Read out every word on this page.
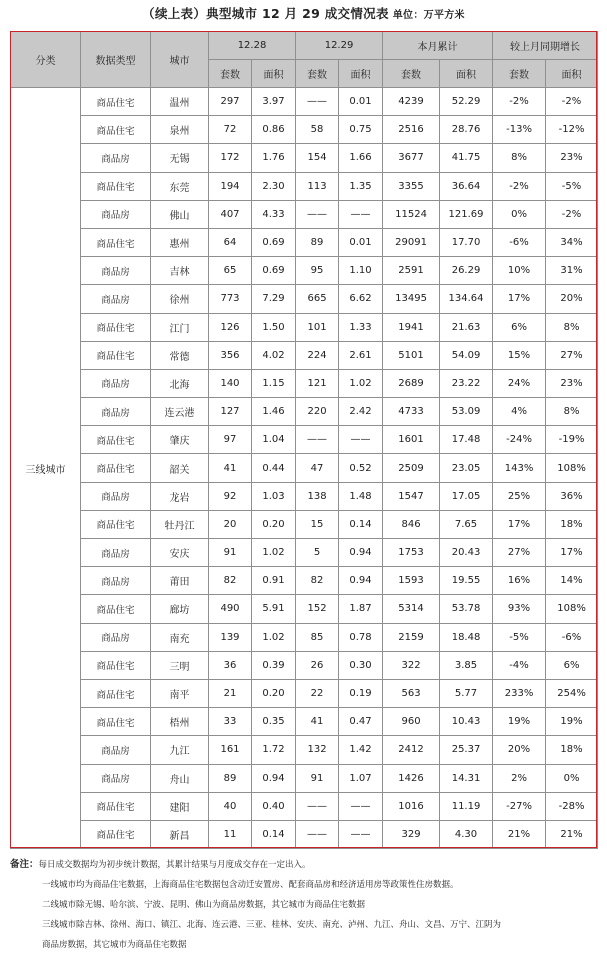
（续上表）典型城市 12 月 29 成交情况表 单位：万平方米
分类	数据类型	城市	12.28		12.29		本月累计		较上月同期增长	
			套数	面积	套数	面积	套数	面积	套数	面积
三线城市	商品住宅	温州	297	3.97	——	0.01	4239	52.29	-2%	-2%
	商品住宅	泉州	72	0.86	58	0.75	2516	28.76	-13%	-12%
	商品房	无锡	172	1.76	154	1.66	3677	41.75	8%	23%
	商品住宅	东莞	194	2.30	113	1.35	3355	36.64	-2%	-5%
	商品房	佛山	407	4.33	——	——	11524	121.69	0%	-2%
	商品住宅	惠州	64	0.69	89	0.01	29091	17.70	-6%	34%
	商品房	吉林	65	0.69	95	1.10	2591	26.29	10%	31%
	商品房	徐州	773	7.29	665	6.62	13495	134.64	17%	20%
	商品住宅	江门	126	1.50	101	1.33	1941	21.63	6%	8%
	商品住宅	常德	356	4.02	224	2.61	5101	54.09	15%	27%
	商品房	北海	140	1.15	121	1.02	2689	23.22	24%	23%
	商品房	连云港	127	1.46	220	2.42	4733	53.09	4%	8%
	商品住宅	肇庆	97	1.04	——	——	1601	17.48	-24%	-19%
	商品住宅	韶关	41	0.44	47	0.52	2509	23.05	143%	108%
	商品房	龙岩	92	1.03	138	1.48	1547	17.05	25%	36%
	商品住宅	牡丹江	20	0.20	15	0.14	846	7.65	17%	18%
	商品房	安庆	91	1.02	5	0.94	1753	20.43	27%	17%
	商品房	莆田	82	0.91	82	0.94	1593	19.55	16%	14%
	商品住宅	廊坊	490	5.91	152	1.87	5314	53.78	93%	108%
	商品房	南充	139	1.02	85	0.78	2159	18.48	-5%	-6%
	商品住宅	三明	36	0.39	26	0.30	322	3.85	-4%	6%
	商品住宅	南平	21	0.20	22	0.19	563	5.77	233%	254%
	商品住宅	梧州	33	0.35	41	0.47	960	10.43	19%	19%
	商品房	九江	161	1.72	132	1.42	2412	25.37	20%	18%
	商品房	舟山	89	0.94	91	1.07	1426	14.31	2%	0%
	商品住宅	建阳	40	0.40	——	——	1016	11.19	-27%	-28%
	商品住宅	新昌	11	0.14	——	——	329	4.30	21%	21%
备注：每日成交数据均为初步统计数据，其累计结果与月度成交存在一定出入。
一线城市均为商品住宅数据，上海商品住宅数据包含动迁安置房、配套商品房和经济适用房等政策性住房数据。
二线城市除无锡、哈尔滨、宁波、昆明、佛山为商品房数据，其它城市为商品住宅数据
三线城市除吉林、徐州、海口、镇江、北海、连云港、三亚、桂林、安庆、南充、泸州、九江、舟山、文昌、万宁、江阴为
商品房数据，其它城市为商品住宅数据
